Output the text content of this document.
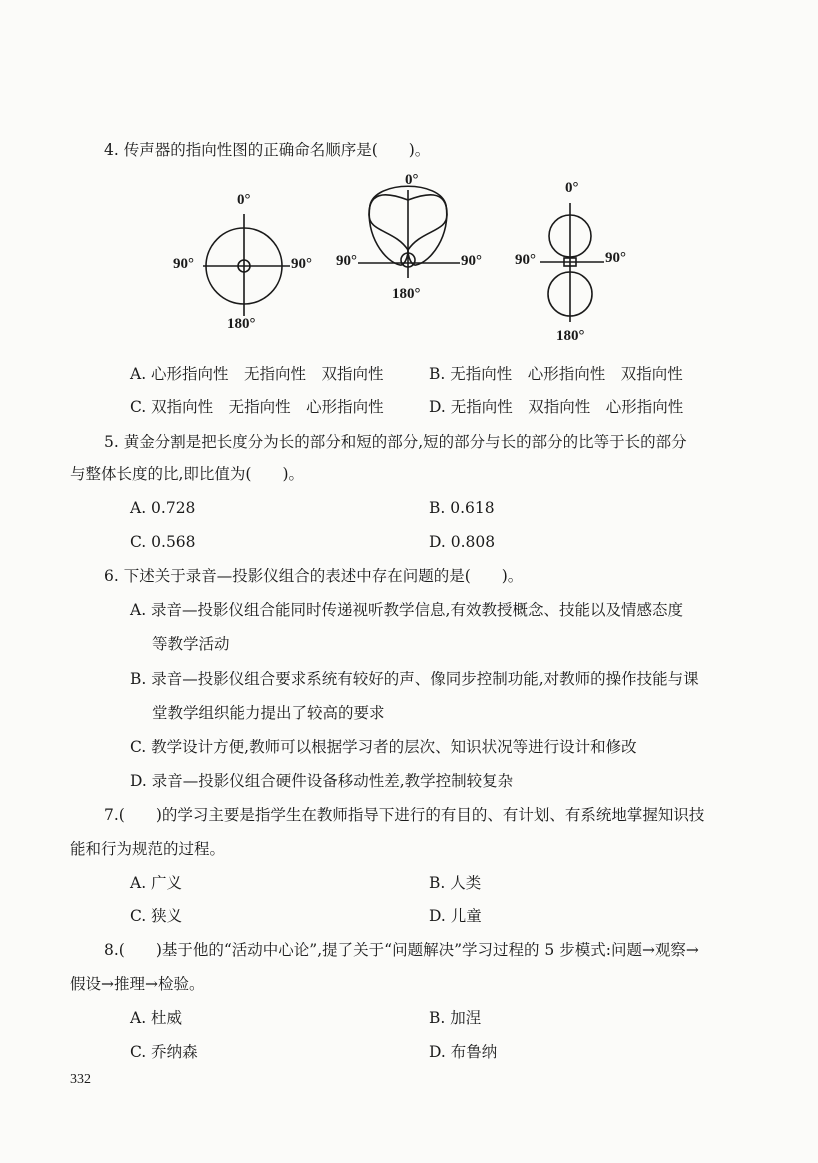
4. 传声器的指向性图的正确命名顺序是(　　)。
0°
90°	90°
180°
0°
90°	90°
180°
0°
90°	90°
180°
A. 心形指向性　无指向性　双指向性	B. 无指向性　心形指向性　双指向性
C. 双指向性　无指向性　心形指向性	D. 无指向性　双指向性　心形指向性
5. 黄金分割是把长度分为长的部分和短的部分,短的部分与长的部分的比等于长的部分
与整体长度的比,即比值为(　　)。
A. 0.728	B. 0.618
C. 0.568	D. 0.808
6. 下述关于录音—投影仪组合的表述中存在问题的是(　　)。
A. 录音—投影仪组合能同时传递视听教学信息,有效教授概念、技能以及情感态度
等教学活动
B. 录音—投影仪组合要求系统有较好的声、像同步控制功能,对教师的操作技能与课
堂教学组织能力提出了较高的要求
C. 教学设计方便,教师可以根据学习者的层次、知识状况等进行设计和修改
D. 录音—投影仪组合硬件设备移动性差,教学控制较复杂
7.(　　)的学习主要是指学生在教师指导下进行的有目的、有计划、有系统地掌握知识技
能和行为规范的过程。
A. 广义	B. 人类
C. 狭义	D. 儿童
8.(　　)基于他的“活动中心论”,提了关于“问题解决”学习过程的 5 步模式:问题→观察→
假设→推理→检验。
A. 杜威	B. 加涅
C. 乔纳森	D. 布鲁纳
332
